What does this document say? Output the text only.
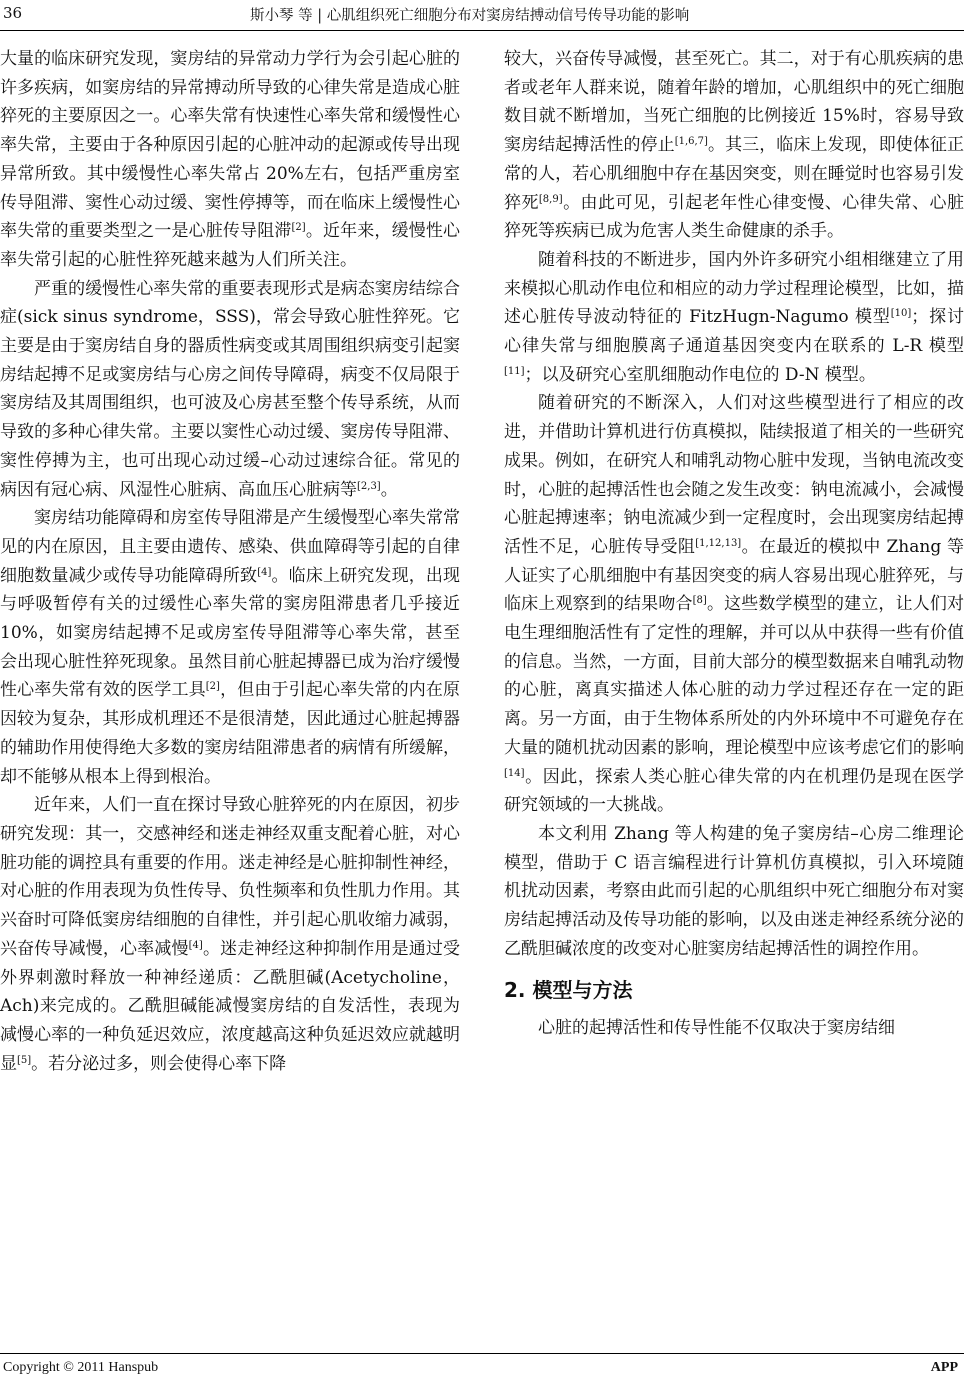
36	斯小琴 等 | 心肌组织死亡细胞分布对窦房结搏动信号传导功能的影响

大量的临床研究发现，窦房结的异常动力学行为会引起心脏的许多疾病，如窦房结的异常搏动所导致的心律失常是造成心脏猝死的主要原因之一。心率失常有快速性心率失常和缓慢性心率失常，主要由于各种原因引起的心脏冲动的起源或传导出现异常所致。其中缓慢性心率失常占 20%左右，包括严重房室传导阻滞、窦性心动过缓、窦性停搏等，而在临床上缓慢性心率失常的重要类型之一是心脏传导阻滞[2]。近年来，缓慢性心率失常引起的心脏性猝死越来越为人们所关注。

严重的缓慢性心率失常的重要表现形式是病态窦房结综合症(sick sinus syndrome，SSS)，常会导致心脏性猝死。它主要是由于窦房结自身的器质性病变或其周围组织病变引起窦房结起搏不足或窦房结与心房之间传导障碍，病变不仅局限于窦房结及其周围组织，也可波及心房甚至整个传导系统，从而导致的多种心律失常。主要以窦性心动过缓、窦房传导阻滞、窦性停搏为主，也可出现心动过缓–心动过速综合征。常见的病因有冠心病、风湿性心脏病、高血压心脏病等[2,3]。

窦房结功能障碍和房室传导阻滞是产生缓慢型心率失常常见的内在原因，且主要由遗传、感染、供血障碍等引起的自律细胞数量减少或传导功能障碍所致[4]。临床上研究发现，出现与呼吸暂停有关的过缓性心率失常的窦房阻滞患者几乎接近 10%，如窦房结起搏不足或房室传导阻滞等心率失常，甚至会出现心脏性猝死现象。虽然目前心脏起搏器已成为治疗缓慢性心率失常有效的医学工具[2]，但由于引起心率失常的内在原因较为复杂，其形成机理还不是很清楚，因此通过心脏起搏器的辅助作用使得绝大多数的窦房结阻滞患者的病情有所缓解，却不能够从根本上得到根治。

近年来，人们一直在探讨导致心脏猝死的内在原因，初步研究发现：其一，交感神经和迷走神经双重支配着心脏，对心脏功能的调控具有重要的作用。迷走神经是心脏抑制性神经，对心脏的作用表现为负性传导、负性频率和负性肌力作用。其兴奋时可降低窦房结细胞的自律性，并引起心肌收缩力减弱，兴奋传导减慢，心率减慢[4]。迷走神经这种抑制作用是通过受外界刺激时释放一种神经递质：乙酰胆碱(Acetycholine，Ach)来完成的。乙酰胆碱能减慢窦房结的自发活性，表现为减慢心率的一种负延迟效应，浓度越高这种负延迟效应就越明显[5]。若分泌过多，则会使得心率下降

较大，兴奋传导减慢，甚至死亡。其二，对于有心肌疾病的患者或老年人群来说，随着年龄的增加，心肌组织中的死亡细胞数目就不断增加，当死亡细胞的比例接近 15%时，容易导致窦房结起搏活性的停止[1,6,7]。其三，临床上发现，即使体征正常的人，若心肌细胞中存在基因突变，则在睡觉时也容易引发猝死[8,9]。由此可见，引起老年性心律变慢、心律失常、心脏猝死等疾病已成为危害人类生命健康的杀手。

随着科技的不断进步，国内外许多研究小组相继建立了用来模拟心肌动作电位和相应的动力学过程理论模型，比如，描述心脏传导波动特征的 FitzHugn-Nagumo 模型[10]；探讨心律失常与细胞膜离子通道基因突变内在联系的 L-R 模型[11]；以及研究心室肌细胞动作电位的 D-N 模型。

随着研究的不断深入，人们对这些模型进行了相应的改进，并借助计算机进行仿真模拟，陆续报道了相关的一些研究成果。例如，在研究人和哺乳动物心脏中发现，当钠电流改变时，心脏的起搏活性也会随之发生改变：钠电流减小，会减慢心脏起搏速率；钠电流减少到一定程度时，会出现窦房结起搏活性不足，心脏传导受阻[1,12,13]。在最近的模拟中 Zhang 等人证实了心肌细胞中有基因突变的病人容易出现心脏猝死，与临床上观察到的结果吻合[8]。这些数学模型的建立，让人们对电生理细胞活性有了定性的理解，并可以从中获得一些有价值的信息。当然，一方面，目前大部分的模型数据来自哺乳动物的心脏，离真实描述人体心脏的动力学过程还存在一定的距离。另一方面，由于生物体系所处的内外环境中不可避免存在大量的随机扰动因素的影响，理论模型中应该考虑它们的影响[14]。因此，探索人类心脏心律失常的内在机理仍是现在医学研究领域的一大挑战。

本文利用 Zhang 等人构建的兔子窦房结–心房二维理论模型，借助于 C 语言编程进行计算机仿真模拟，引入环境随机扰动因素，考察由此而引起的心肌组织中死亡细胞分布对窦房结起搏活动及传导功能的影响，以及由迷走神经系统分泌的乙酰胆碱浓度的改变对心脏窦房结起搏活性的调控作用。

2. 模型与方法

心脏的起搏活性和传导性能不仅取决于窦房结细

Copyright © 2011 Hanspub	APP
